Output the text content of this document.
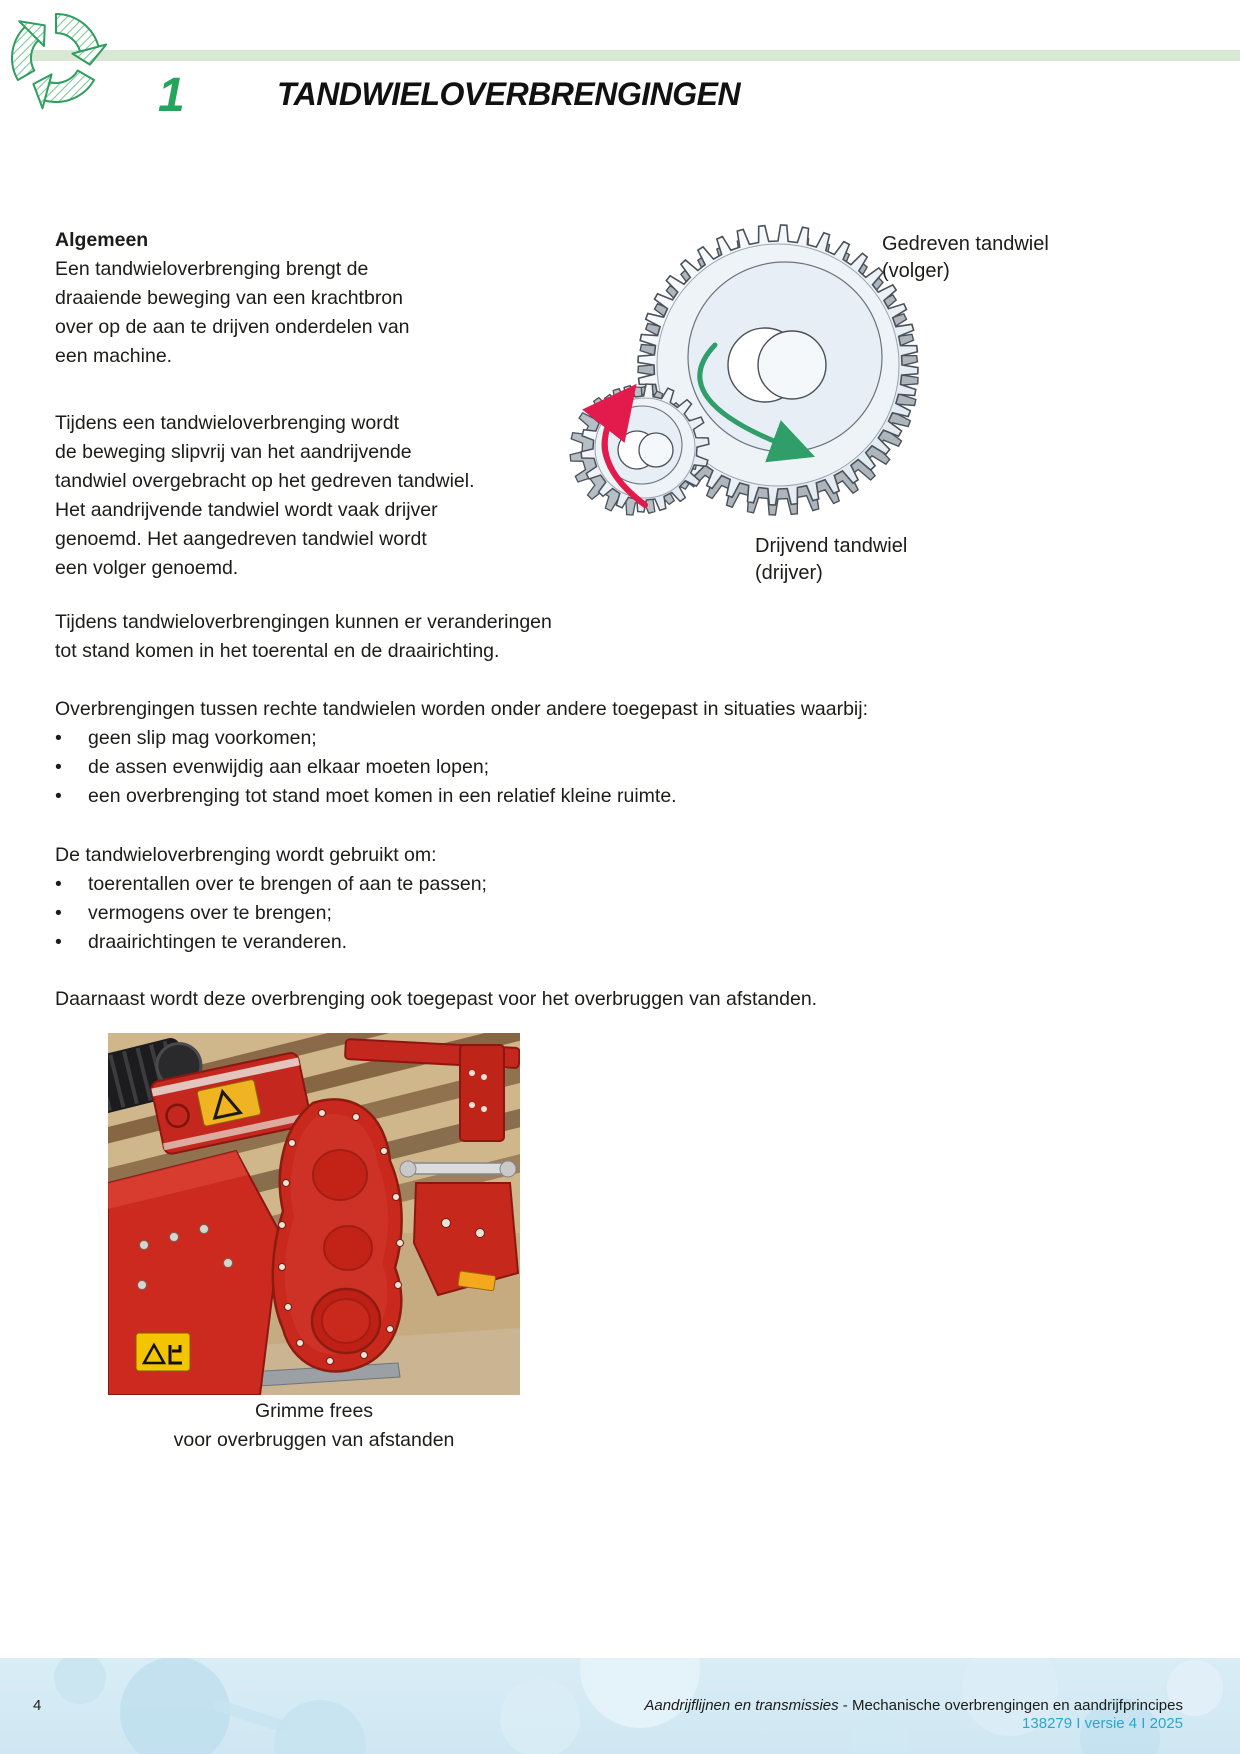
1	TANDWIELOVERBRENGINGEN
Algemeen
Een tandwieloverbrenging brengt de
draaiende beweging van een krachtbron
over op de aan te drijven onderdelen van
een machine.
Tijdens een tandwieloverbrenging wordt
de beweging slipvrij van het aandrijvende
tandwiel overgebracht op het gedreven tandwiel.
Het aandrijvende tandwiel wordt vaak drijver
genoemd. Het aangedreven tandwiel wordt
een volger genoemd.
Tijdens tandwieloverbrengingen kunnen er veranderingen
tot stand komen in het toerental en de draairichting.
Overbrengingen tussen rechte tandwielen worden onder andere toegepast in situaties waarbij:
•
geen slip mag voorkomen;
•
de assen evenwijdig aan elkaar moeten lopen;
•
een overbrenging tot stand moet komen in een relatief kleine ruimte.
De tandwieloverbrenging wordt gebruikt om:
•
toerentallen over te brengen of aan te passen;
•
vermogens over te brengen;
•
draairichtingen te veranderen.
Daarnaast wordt deze overbrenging ook toegepast voor het overbruggen van afstanden.
Gedreven tandwiel
(volger)
Drijvend tandwiel
(drijver)
Grimme frees
voor overbruggen van afstanden
4	Aandrijflijnen en transmissies - Mechanische overbrengingen en aandrijfprincipes
138279 I versie 4 I 2025
